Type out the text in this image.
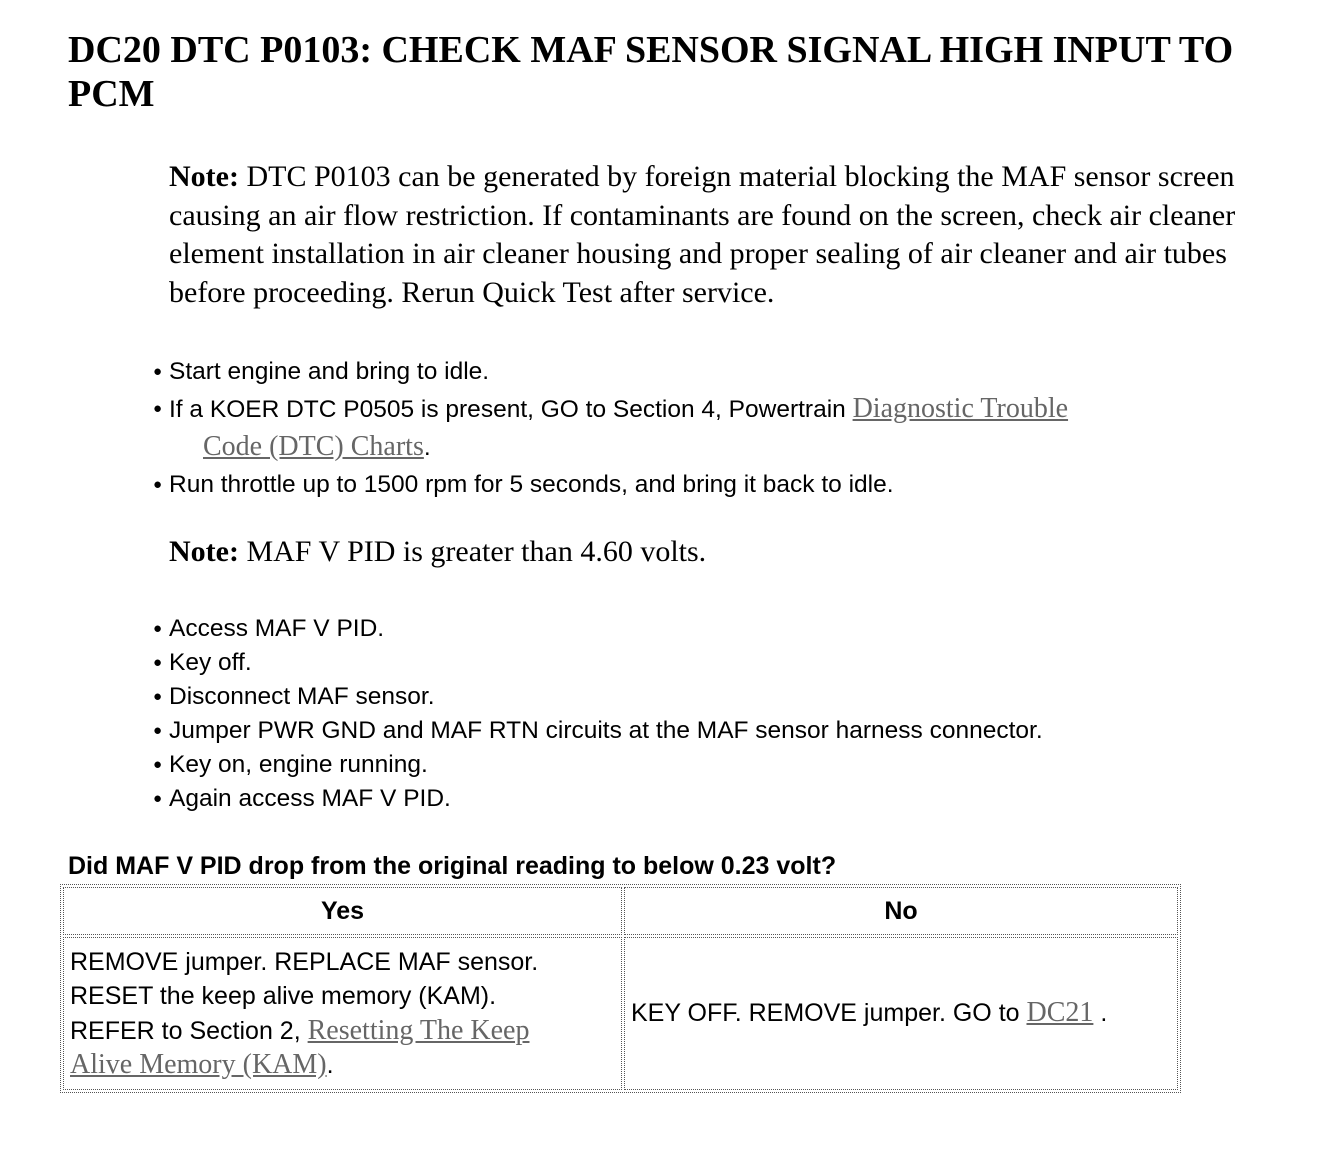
DC20 DTC P0103: CHECK MAF SENSOR SIGNAL HIGH INPUT TO PCM

Note: DTC P0103 can be generated by foreign material blocking the MAF sensor screen causing an air flow restriction. If contaminants are found on the screen, check air cleaner element installation in air cleaner housing and proper sealing of air cleaner and air tubes before proceeding. Rerun Quick Test after service.

● Start engine and bring to idle.
● If a KOER DTC P0505 is present, GO to Section 4, Powertrain Diagnostic Trouble
Code (DTC) Charts.
● Run throttle up to 1500 rpm for 5 seconds, and bring it back to idle.

Note: MAF V PID is greater than 4.60 volts.

● Access MAF V PID.
● Key off.
● Disconnect MAF sensor.
● Jumper PWR GND and MAF RTN circuits at the MAF sensor harness connector.
● Key on, engine running.
● Again access MAF V PID.

Did MAF V PID drop from the original reading to below 0.23 volt?

Yes	No
REMOVE jumper. REPLACE MAF sensor.
RESET the keep alive memory (KAM).
REFER to Section 2, Resetting The Keep
Alive Memory (KAM).	KEY OFF. REMOVE jumper. GO to DC21 .
